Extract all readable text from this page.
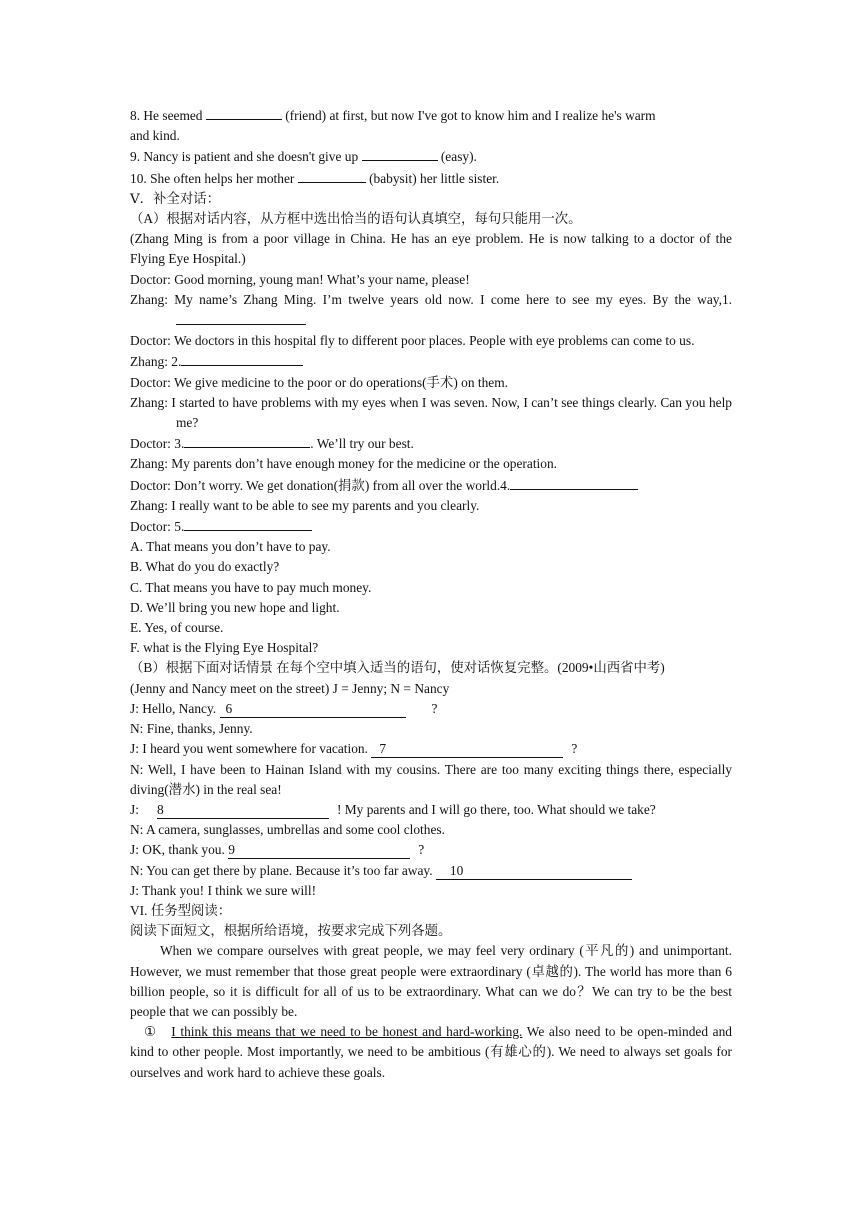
8. He seemed	(friend) at first, but now I've got to know him and I realize he's warm

and kind.

9. Nancy is patient and she doesn't give up	(easy).

10. She often helps her mother	(babysit) her little sister.

Ⅴ．补全对话：

（A）根据对话内容，从方框中选出恰当的语句认真填空，每句只能用一次。

(Zhang Ming is from a poor village in China. He has an eye problem. He is now talking to a doctor of the Flying Eye Hospital.)

Doctor: Good morning, young man! What’s your name, please!

Zhang: My name’s Zhang Ming. I’m twelve years old now. I come here to see my eyes. By the way,1.

Doctor: We doctors in this hospital fly to different poor places. People with eye problems can come to us.

Zhang: 2.

Doctor: We give medicine to the poor or do operations(手术) on them.

Zhang: I started to have problems with my eyes when I was seven. Now, I can’t see things clearly. Can you help me?

Doctor: 3.	. We’ll try our best.

Zhang: My parents don’t have enough money for the medicine or the operation.

Doctor: Don’t worry. We get donation(捐款) from all over the world.4.

Zhang: I really want to be able to see my parents and you clearly.

Doctor: 5.

A. That means you don’t have to pay.

B. What do you do exactly?

C. That means you have to pay much money.

D. We’ll bring you new hope and light.

E. Yes, of course.

F. what is the Flying Eye Hospital?

（B）根据下面对话情景 在每个空中填入适当的语句，使对话恢复完整。(2009•山西省中考)

(Jenny and Nancy meet on the street) J = Jenny; N = Nancy

J: Hello, Nancy. 6	?

N: Fine, thanks, Jenny.

J: I heard you went somewhere for vacation. 7	?

N: Well, I have been to Hainan Island with my cousins. There are too many exciting things there, especially diving(潜水) in the real sea!

J: 8	! My parents and I will go there, too. What should we take?

N: A camera, sunglasses, umbrellas and some cool clothes.

J: OK, thank you. 9	?

N: You can get there by plane. Because it’s too far away. 10

J: Thank you! I think we sure will!

VI. 任务型阅读：

阅读下面短文，根据所给语境，按要求完成下列各题。

When we compare ourselves with great people, we may feel very ordinary (平凡的) and unimportant. However, we must remember that those great people were extraordinary (卓越的). The world has more than 6 billion people, so it is difficult for all of us to be extraordinary. What can we do？We can try to be the best people that we can possibly be.

① I think this means that we need to be honest and hard-working. We also need to be open-minded and kind to other people. Most importantly, we need to be ambitious (有雄心的). We need to always set goals for ourselves and work hard to achieve these goals.
